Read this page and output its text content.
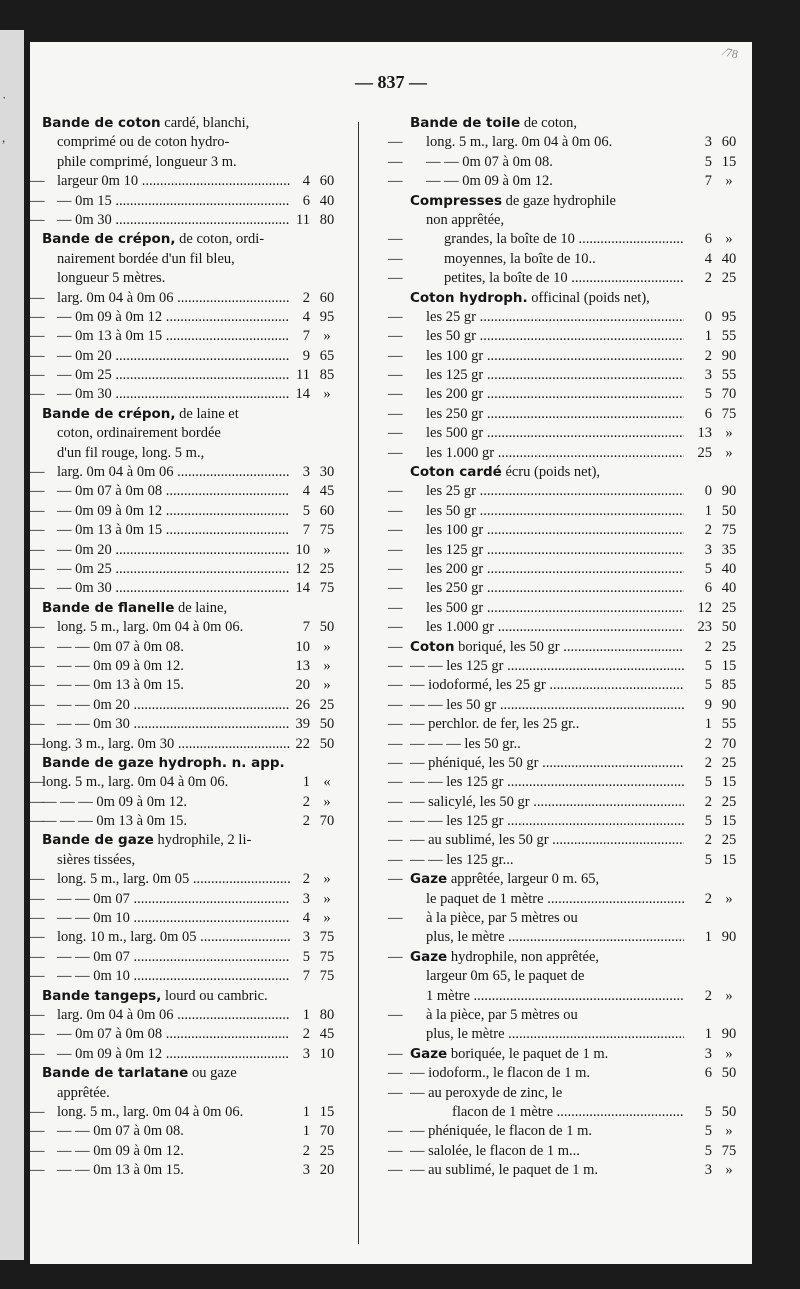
·
,
— 837 —
⁄78
Bande de coton cardé, blanchi,
comprimé ou de coton hydro-
phile comprimé, longueur 3 m.
— largeur 0m 10 .....	4 60
— — 0m 15 .....	6 40
— — 0m 30 .....	11 80
Bande de crépon, de coton, ordi-
nairement bordée d'un fil bleu,
longueur 5 mètres.
— larg. 0m 04 à 0m 06 .....	2 60
— — 0m 09 à 0m 12 .....	4 95
— — 0m 13 à 0m 15 .....	7 »
— — 0m 20 .....	9 65
— — 0m 25 .....	11 85
— — 0m 30 .....	14 »
Bande de crépon, de laine et
coton, ordinairement bordée
d'un fil rouge, long. 5 m.,
— larg. 0m 04 à 0m 06 .....	3 30
— — 0m 07 à 0m 08 .....	4 45
— — 0m 09 à 0m 12 .....	5 60
— — 0m 13 à 0m 15 .....	7 75
— — 0m 20 .....	10 »
— — 0m 25 .....	12 25
— — 0m 30 .....	14 75
Bande de flanelle de laine,
— long. 5 m., larg. 0m 04 à 0m 06.	7 50
— — — 0m 07 à 0m 08.	10 »
— — — 0m 09 à 0m 12.	13 »
— — — 0m 13 à 0m 15.	20 »
— — — 0m 20 .....	26 25
— — — 0m 30 .....	39 50
—
long. 3 m., larg. 0m 30 .....	22 50
Bande de gaze hydroph. n. app.
—
long. 5 m., larg. 0m 04 à 0m 06.	1 «
—
— — — 0m 09 à 0m 12.	2 »
—
— — — 0m 13 à 0m 15.	2 70
Bande de gaze hydrophile, 2 li-
sières tissées,
— long. 5 m., larg. 0m 05 .....	2 »
— — — 0m 07 .....	3 »
— — — 0m 10 .....	4 »
— long. 10 m., larg. 0m 05 .....	3 75
— — — 0m 07 .....	5 75
— — — 0m 10 .....	7 75
Bande tangeps, lourd ou cambric.
— larg. 0m 04 à 0m 06 .....	1 80
— — 0m 07 à 0m 08 .....	2 45
— — 0m 09 à 0m 12 .....	3 10
Bande de tarlatane ou gaze
apprêtée.
— long. 5 m., larg. 0m 04 à 0m 06.	1 15
— — — 0m 07 à 0m 08.	1 70
— — — 0m 09 à 0m 12.	2 25
— — — 0m 13 à 0m 15.	3 20
Bande de toile de coton,
— long. 5 m., larg. 0m 04 à 0m 06.	3 60
— — — 0m 07 à 0m 08.	5 15
— — — 0m 09 à 0m 12.	7 »
Compresses de gaze hydrophile
non apprêtée,
—	grandes, la boîte de 10 .....	6 »
—	moyennes, la boîte de 10..	4 40
—	petites, la boîte de 10 .....	2 25
Coton hydroph. officinal (poids net),
— les 25 gr .....	0 95
— les 50 gr .....	1 55
— les 100 gr .....	2 90
— les 125 gr .....	3 55
— les 200 gr .....	5 70
— les 250 gr .....	6 75
— les 500 gr .....	13 »
— les 1.000 gr .....	25 »
Coton cardé écru (poids net),
— les 25 gr .....	0 90
— les 50 gr .....	1 50
— les 100 gr .....	2 75
— les 125 gr .....	3 35
— les 200 gr .....	5 40
— les 250 gr .....	6 40
— les 500 gr .....	12 25
— les 1.000 gr .....	23 50
— Coton boriqué, les 50 gr .....	2 25
— — — les 125 gr .....	5 15
— — iodoformé, les 25 gr .....	5 85
— — — les 50 gr .....	9 90
— — perchlor. de fer, les 25 gr..	1 55
— — — — les 50 gr..	2 70
— — phéniqué, les 50 gr .....	2 25
— — — les 125 gr .....	5 15
— — salicylé, les 50 gr .....	2 25
— — — les 125 gr .....	5 15
— — au sublimé, les 50 gr .....	2 25
— — — les 125 gr...	5 15
— Gaze apprêtée, largeur 0 m. 65,
le paquet de 1 mètre .....	2 »
— à la pièce, par 5 mètres ou
plus, le mètre .....	1 90
— Gaze hydrophile, non apprêtée,
largeur 0m 65, le paquet de
1 mètre .....	2 »
— à la pièce, par 5 mètres ou
plus, le mètre .....	1 90
— Gaze boriquée, le paquet de 1 m.	3 »
— — iodoform., le flacon de 1 m.	6 50
— — au peroxyde de zinc, le
flacon de 1 mètre .....	5 50
— — phéniquée, le flacon de 1 m.	5 »
— — salolée, le flacon de 1 m...	5 75
— — au sublimé, le paquet de 1 m.	3 »
